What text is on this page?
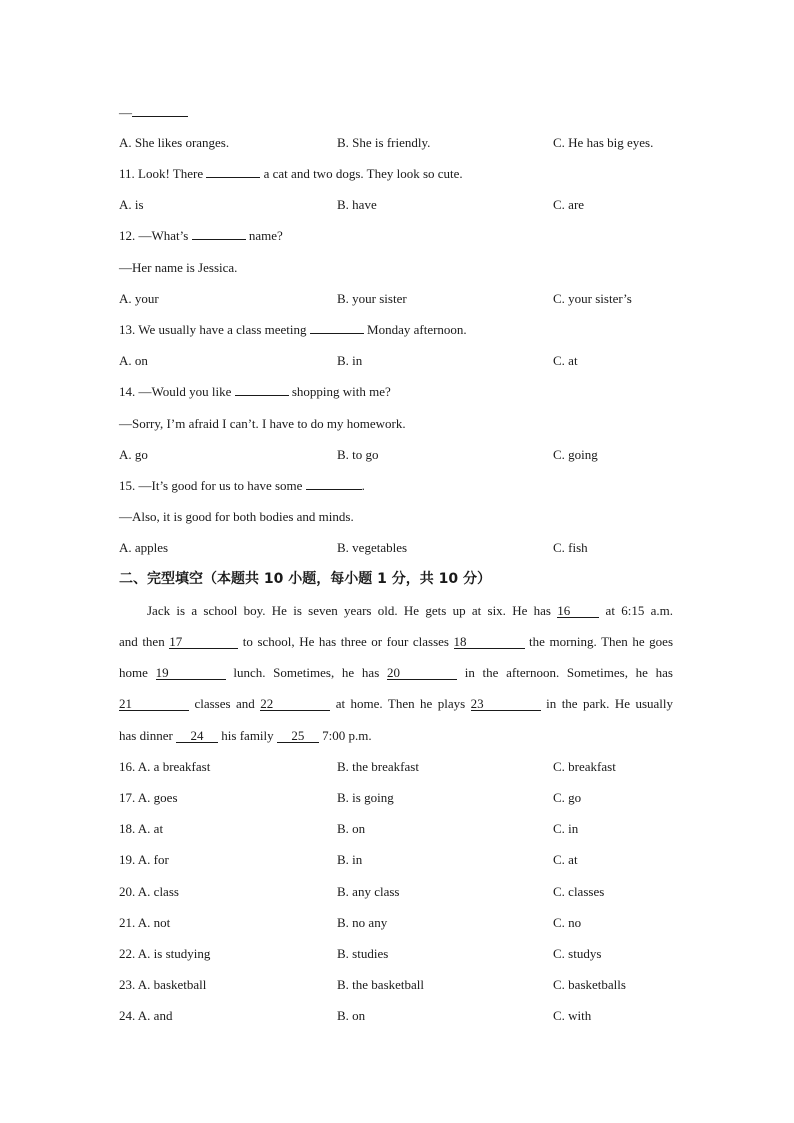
—
A. She likes oranges.	B. She is friendly.	C. He has big eyes.
11. Look! There	a cat and two dogs. They look so cute.
A. is	B. have	C. are
12. —What’s	name?
—Her name is Jessica.
A. your	B. your sister	C. your sister’s
13. We usually have a class meeting	Monday afternoon.
A. on	B. in	C. at
14. —Would you like	shopping with me?
—Sorry, I’m afraid I can’t. I have to do my homework.
A. go	B. to go	C. going
15. —It’s good for us to have some	.
—Also, it is good for both bodies and minds.
A. apples	B. vegetables	C. fish
二、完型填空（本题共 10 小题，每小题 1 分，共 10 分）
Jack is a school boy. He is seven years old. He gets up at six. He has 16 at 6:15 a.m.
and then 17	to school, He has three or four classes 18	the morning. Then he goes
home 19	lunch. Sometimes, he has 20	in the afternoon. Sometimes, he has
21	classes and 22	at home. Then he plays 23	in the park. He usually
has dinner 24 his family 25 7:00 p.m.
16. A. a breakfast	B. the breakfast	C. breakfast
17. A. goes	B. is going	C. go
18. A. at	B. on	C. in
19. A. for	B. in	C. at
20. A. class	B. any class	C. classes
21. A. not	B. no any	C. no
22. A. is studying	B. studies	C. studys
23. A. basketball	B. the basketball	C. basketballs
24. A. and	B. on	C. with
